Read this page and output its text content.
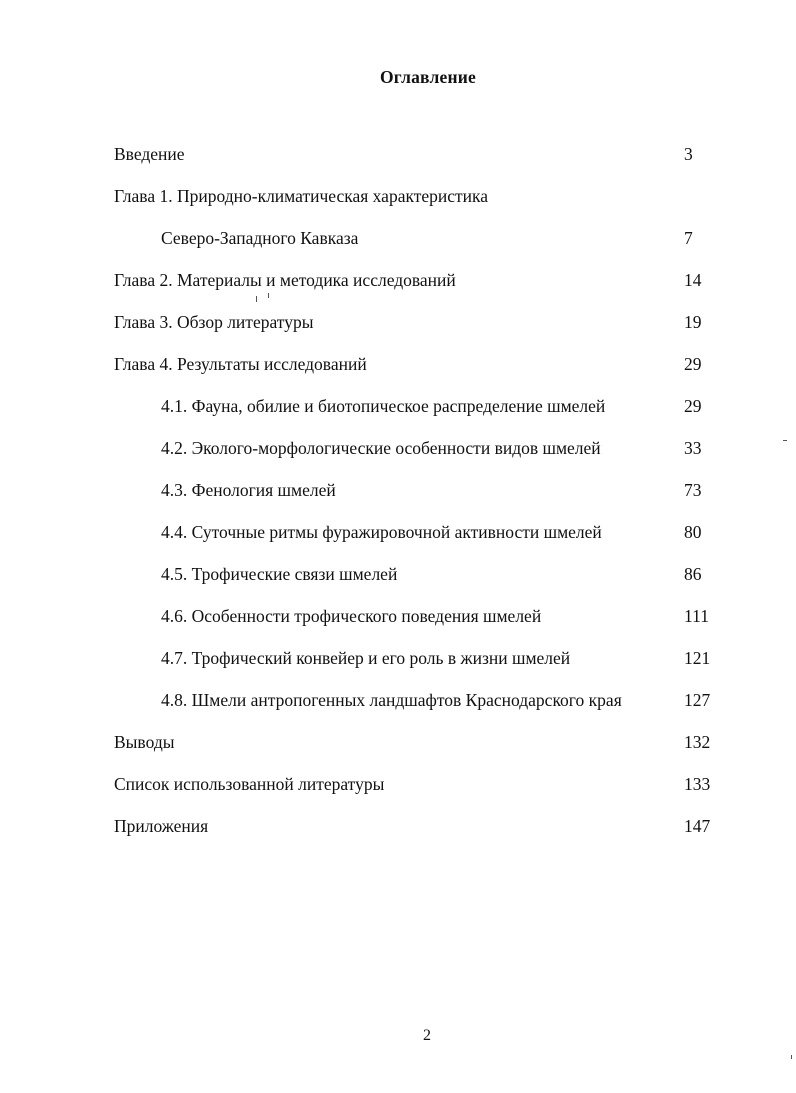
Оглавление
Введение	3
Глава 1. Природно-климатическая характеристика
Северо-Западного Кавказа	7
Глава 2. Материалы и методика исследований	14
Глава 3. Обзор литературы	19
Глава 4. Результаты исследований	29
4.1. Фауна, обилие и биотопическое распределение шмелей	29
4.2. Эколого-морфологические особенности видов шмелей	33
4.3. Фенология шмелей	73
4.4. Суточные ритмы фуражировочной активности шмелей	80
4.5. Трофические связи шмелей	86
4.6. Особенности трофического поведения шмелей	111
4.7. Трофический конвейер и его роль в жизни шмелей	121
4.8. Шмели антропогенных ландшафтов Краснодарского края	127
Выводы	132
Список использованной литературы	133
Приложения	147
2
